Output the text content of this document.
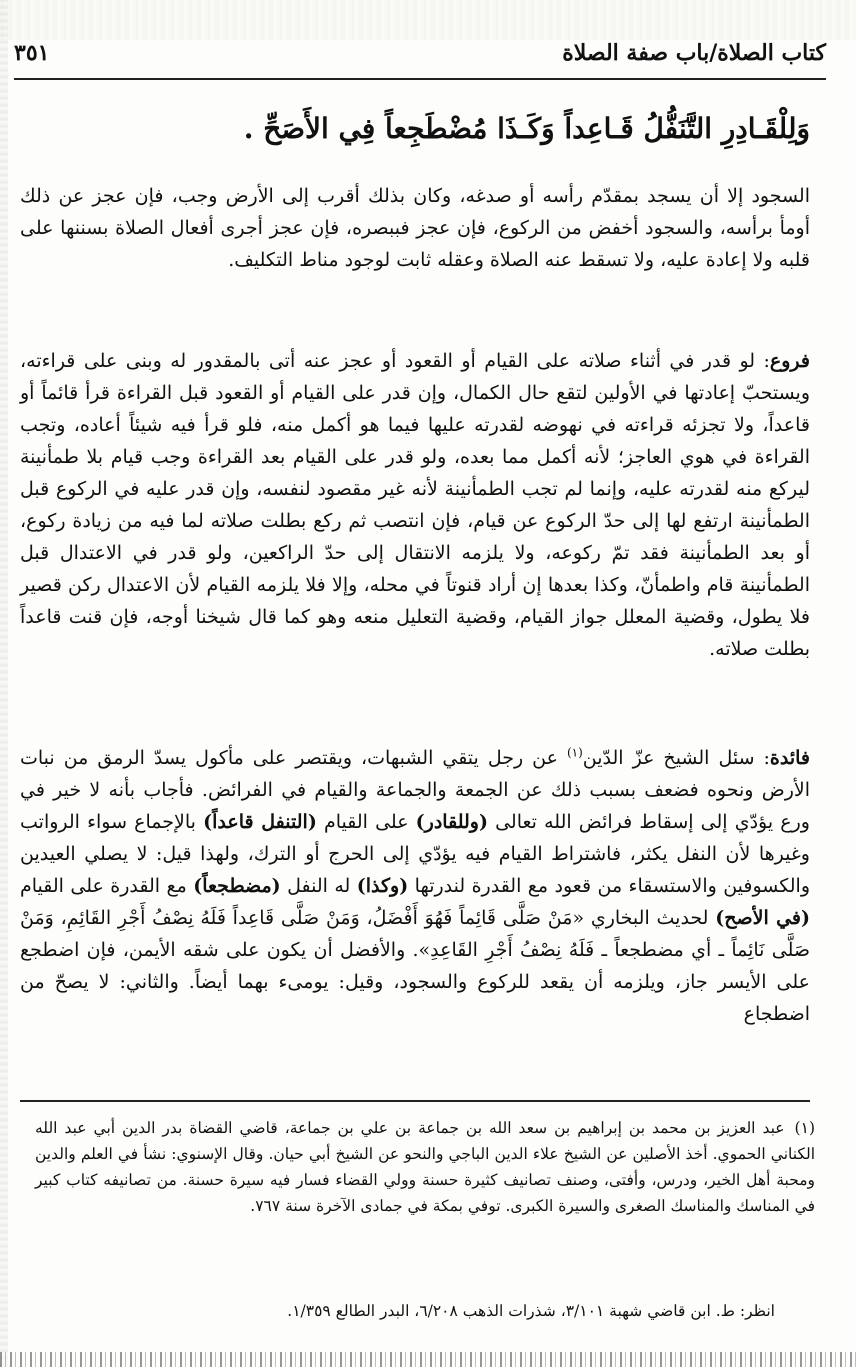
كتاب الصلاة/باب صفة الصلاة
٣٥١
وَلِلْقَـادِرِ التَّنَفُّلُ قَـاعِداً وَكَـذَا مُضْطَجِعاً فِي الأَصَحِّ .

السجود إلا أن يسجد بمقدّم رأسه أو صدغه، وكان بذلك أقرب إلى الأرض وجب، فإن عجز عن ذلك أومأ برأسه، والسجود أخفض من الركوع، فإن عجز فببصره، فإن عجز أجرى أفعال الصلاة بسننها على قلبه ولا إعادة عليه، ولا تسقط عنه الصلاة وعقله ثابت لوجود مناط التكليف.

فروع: لو قدر في أثناء صلاته على القيام أو القعود أو عجز عنه أتى بالمقدور له وبنى على قراءته، ويستحبّ إعادتها في الأولين لتقع حال الكمال، وإن قدر على القيام أو القعود قبل القراءة قرأ قائماً أو قاعداً، ولا تجزئه قراءته في نهوضه لقدرته عليها فيما هو أكمل منه، فلو قرأ فيه شيئاً أعاده، وتجب القراءة في هوي العاجز؛ لأنه أكمل مما بعده، ولو قدر على القيام بعد القراءة وجب قيام بلا طمأنينة ليركع منه لقدرته عليه، وإنما لم تجب الطمأنينة لأنه غير مقصود لنفسه، وإن قدر عليه في الركوع قبل الطمأنينة ارتفع لها إلى حدّ الركوع عن قيام، فإن انتصب ثم ركع بطلت صلاته لما فيه من زيادة ركوع، أو بعد الطمأنينة فقد تمّ ركوعه، ولا يلزمه الانتقال إلى حدّ الراكعين، ولو قدر في الاعتدال قبل الطمأنينة قام واطمأنّ، وكذا بعدها إن أراد قنوتاً في محله، وإلا فلا يلزمه القيام لأن الاعتدال ركن قصير فلا يطول، وقضية المعلل جواز القيام، وقضية التعليل منعه وهو كما قال شيخنا أوجه، فإن قنت قاعداً بطلت صلاته.

فائدة: سئل الشيخ عزّ الدّين$^{(١)}$ عن رجل يتقي الشبهات، ويقتصر على مأكول يسدّ الرمق من نبات الأرض ونحوه فضعف بسبب ذلك عن الجمعة والجماعة والقيام في الفرائض. فأجاب بأنه لا خير في ورع يؤدّي إلى إسقاط فرائض الله تعالى (وللقادر) على القيام (التنفل قاعداً) بالإجماع سواء الرواتب وغيرها لأن النفل يكثر، فاشتراط القيام فيه يؤدّي إلى الحرج أو الترك، ولهذا قيل: لا يصلي العيدين والكسوفين والاستسقاء من قعود مع القدرة لندرتها (وكذا) له النفل (مضطجعاً) مع القدرة على القيام (في الأصح) لحديث البخاري «مَنْ صَلَّى قَائِماً فَهُوَ أَفْضَلُ، وَمَنْ صَلَّى قَاعِداً فَلَهُ نِصْفُ أَجْرِ القَائِمِ، وَمَنْ صَلَّى نَائِماً ـ أي مضطجعاً ـ فَلَهُ نِصْفُ أَجْرِ القَاعِدِ». والأفضل أن يكون على شقه الأيمن، فإن اضطجع على الأيسر جاز، ويلزمه أن يقعد للركوع والسجود، وقيل: يومىء بهما أيضاً. والثاني: لا يصحّ من اضطجاع

(١)عبد العزيز بن محمد بن إبراهيم بن سعد الله بن جماعة بن علي بن جماعة، قاضي القضاة بدر الدين أبي عبد الله الكناني الحموي. أخذ الأصلين عن الشيخ علاء الدين الباجي والنحو عن الشيخ أبي حيان. وقال الإسنوي: نشأ في العلم والدين ومحبة أهل الخير، ودرس، وأفتى، وصنف تصانيف كثيرة حسنة وولي القضاء فسار فيه سيرة حسنة. من تصانيفه كتاب كبير في المناسك والمناسك الصغرى والسيرة الكبرى. توفي بمكة في جمادى الآخرة سنة ٧٦٧.

انظر: ط. ابن قاضي شهبة ٣/١٠١، شذرات الذهب ٦/٢٠٨، البدر الطالع ١/٣٥٩.
